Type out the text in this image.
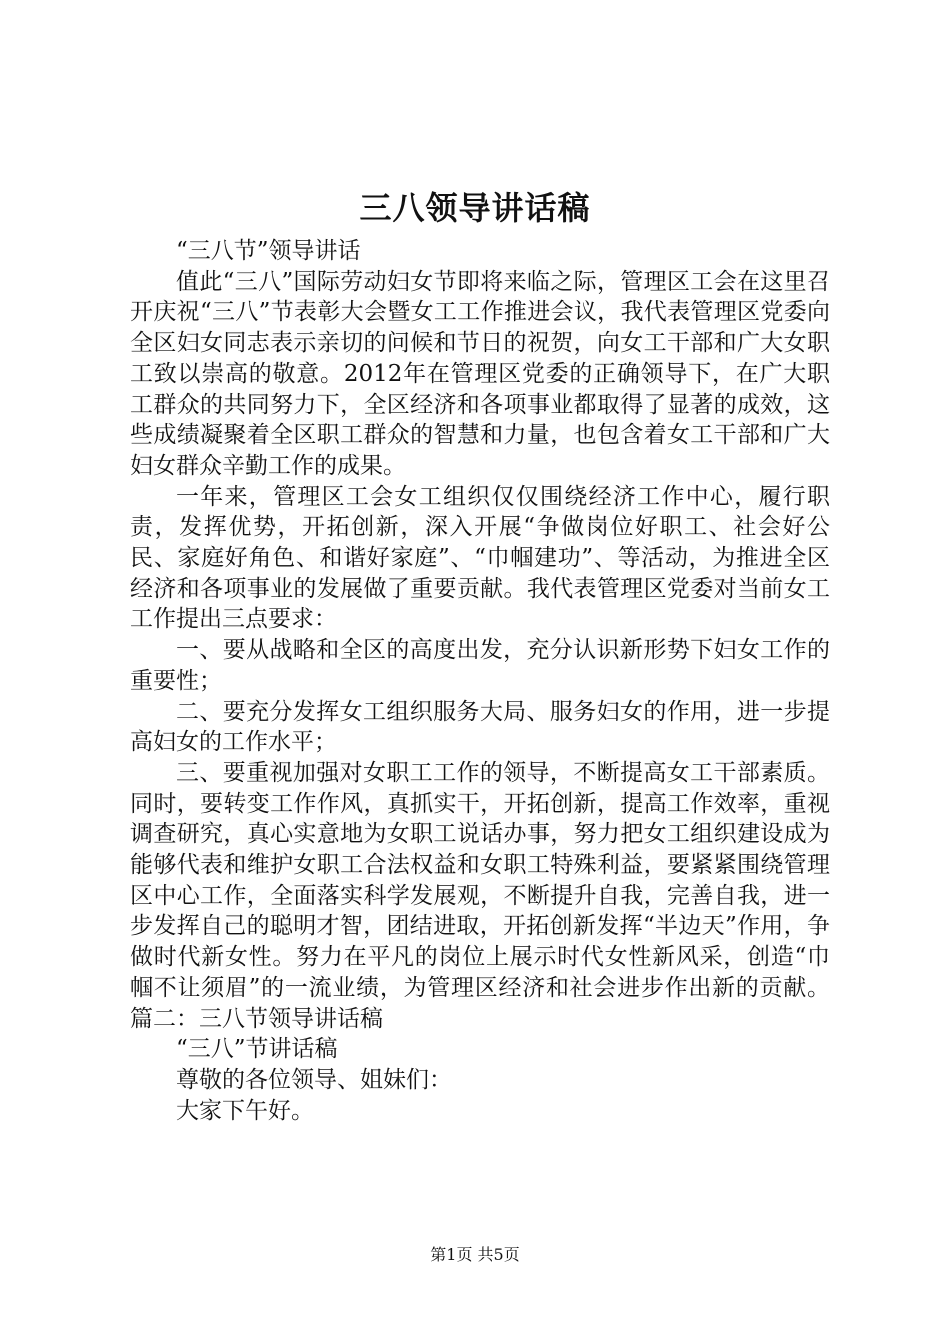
三八领导讲话稿

“三八节”领导讲话

值此“三八”国际劳动妇女节即将来临之际，管理区工会在这里召开庆祝“三八”节表彰大会暨女工工作推进会议，我代表管理区党委向全区妇女同志表示亲切的问候和节日的祝贺，向女工干部和广大女职工致以崇高的敬意。2012年在管理区党委的正确领导下，在广大职工群众的共同努力下，全区经济和各项事业都取得了显著的成效，这些成绩凝聚着全区职工群众的智慧和力量，也包含着女工干部和广大妇女群众辛勤工作的成果。

一年来，管理区工会女工组织仅仅围绕经济工作中心，履行职责，发挥优势，开拓创新，深入开展“争做岗位好职工、社会好公民、家庭好角色、和谐好家庭”、“巾帼建功”、等活动，为推进全区经济和各项事业的发展做了重要贡献。我代表管理区党委对当前女工工作提出三点要求：

一、要从战略和全区的高度出发，充分认识新形势下妇女工作的重要性；

二、要充分发挥女工组织服务大局、服务妇女的作用，进一步提高妇女的工作水平；

三、要重视加强对女职工工作的领导，不断提高女工干部素质。同时，要转变工作作风，真抓实干，开拓创新，提高工作效率，重视调查研究，真心实意地为女职工说话办事，努力把女工组织建设成为能够代表和维护女职工合法权益和女职工特殊利益，要紧紧围绕管理区中心工作，全面落实科学发展观，不断提升自我，完善自我，进一步发挥自己的聪明才智，团结进取，开拓创新发挥“半边天”作用，争做时代新女性。努力在平凡的岗位上展示时代女性新风采，创造“巾帼不让须眉”的一流业绩，为管理区经济和社会进步作出新的贡献。篇二：三八节领导讲话稿

“三八”节讲话稿

尊敬的各位领导、姐妹们：

大家下午好。

第1页 共5页
